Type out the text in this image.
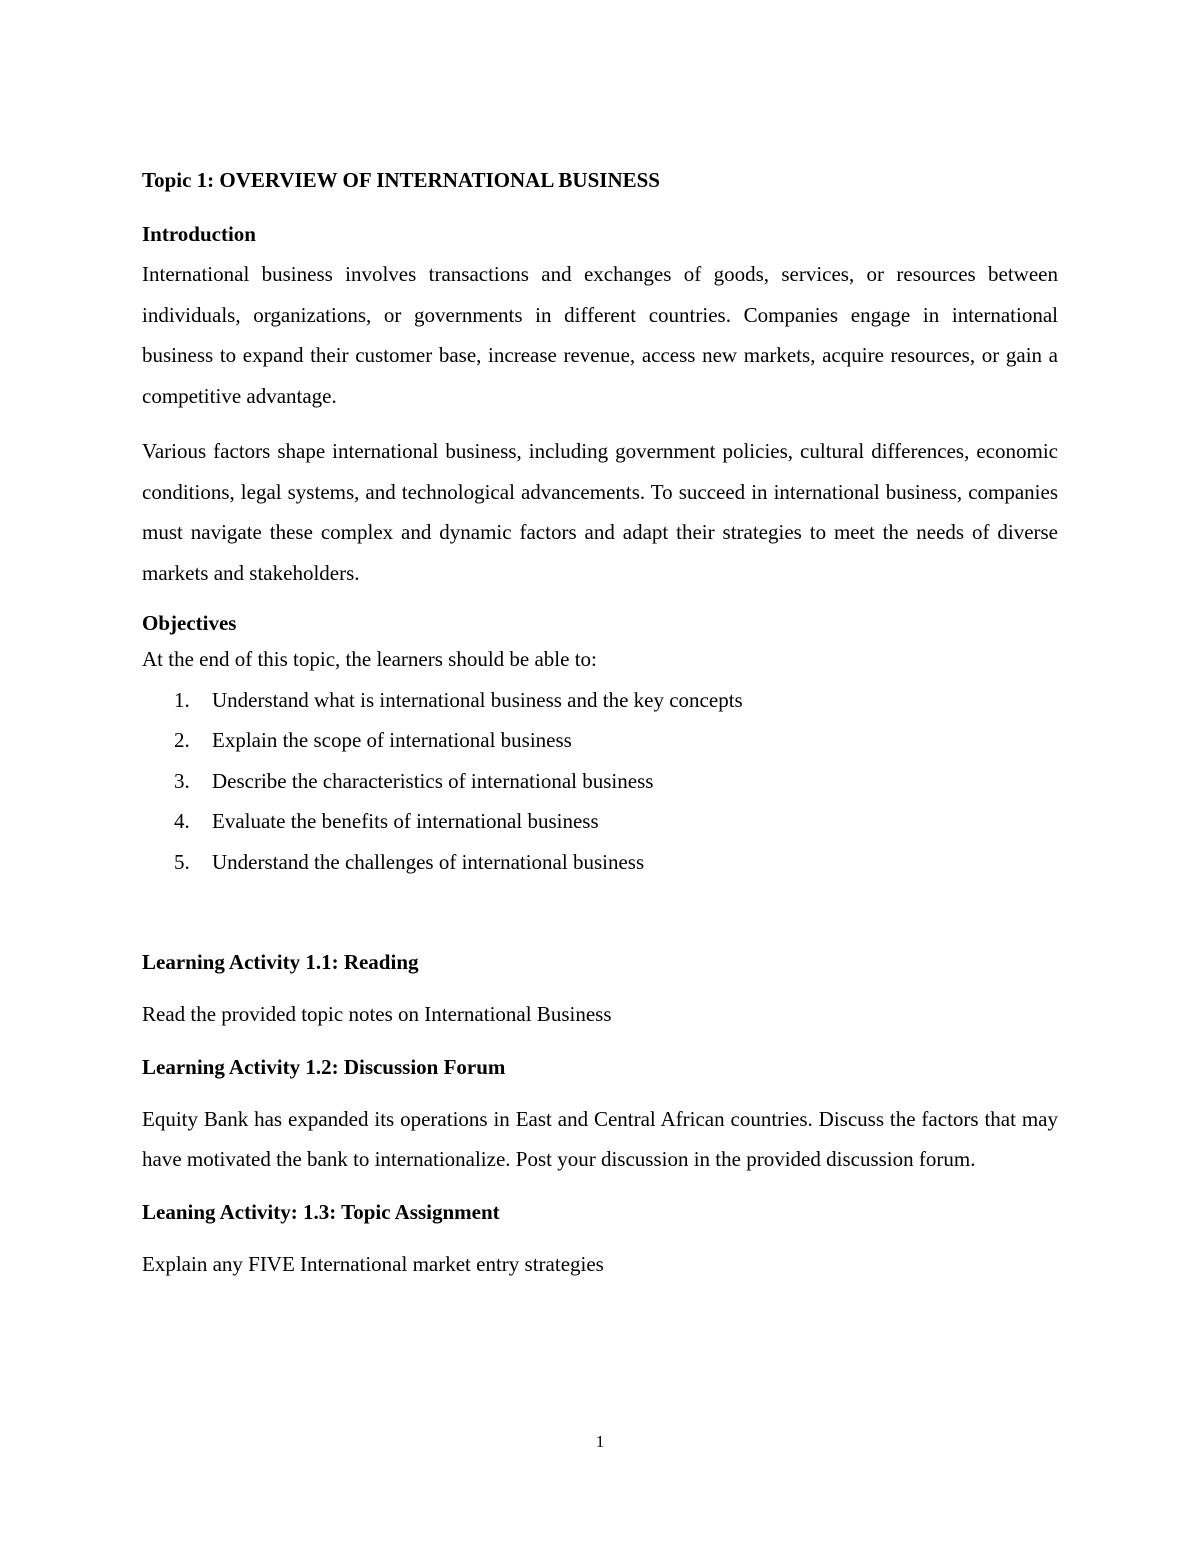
Topic 1: OVERVIEW OF INTERNATIONAL BUSINESS
Introduction

International business involves transactions and exchanges of goods, services, or resources between individuals, organizations, or governments in different countries. Companies engage in international business to expand their customer base, increase revenue, access new markets, acquire resources, or gain a competitive advantage.

Various factors shape international business, including government policies, cultural differences, economic conditions, legal systems, and technological advancements. To succeed in international business, companies must navigate these complex and dynamic factors and adapt their strategies to meet the needs of diverse markets and stakeholders.

Objectives

At the end of this topic, the learners should be able to:

1. Understand what is international business and the key concepts
2. Explain the scope of international business
3. Describe the characteristics of international business
4. Evaluate the benefits of international business
5. Understand the challenges of international business
Learning Activity 1.1: Reading

Read the provided topic notes on International Business

Learning Activity 1.2: Discussion Forum

Equity Bank has expanded its operations in East and Central African countries. Discuss the factors that may have motivated the bank to internationalize. Post your discussion in the provided discussion forum.

Leaning Activity: 1.3: Topic Assignment

Explain any FIVE International market entry strategies

1
